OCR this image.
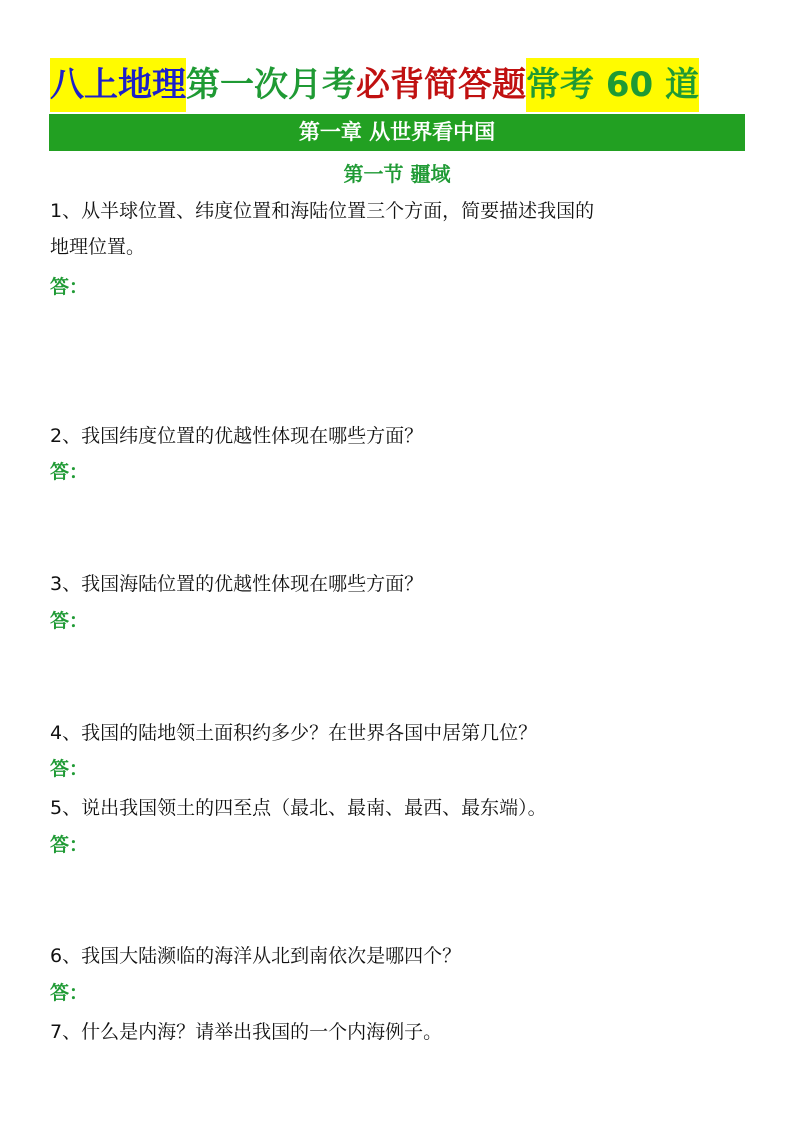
八上地理 第一次月考 必背简答题 常考 60 道
第一章 从世界看中国
第一节 疆域
1、从半球位置、纬度位置和海陆位置三个方面，简要描述我国的
地理位置。
答：
2、我国纬度位置的优越性体现在哪些方面？
答：
3、我国海陆位置的优越性体现在哪些方面？
答：
4、我国的陆地领土面积约多少？在世界各国中居第几位？
答：
5、说出我国领土的四至点（最北、最南、最西、最东端）。
答：
6、我国大陆濒临的海洋从北到南依次是哪四个？
答：
7、什么是内海？请举出我国的一个内海例子。
